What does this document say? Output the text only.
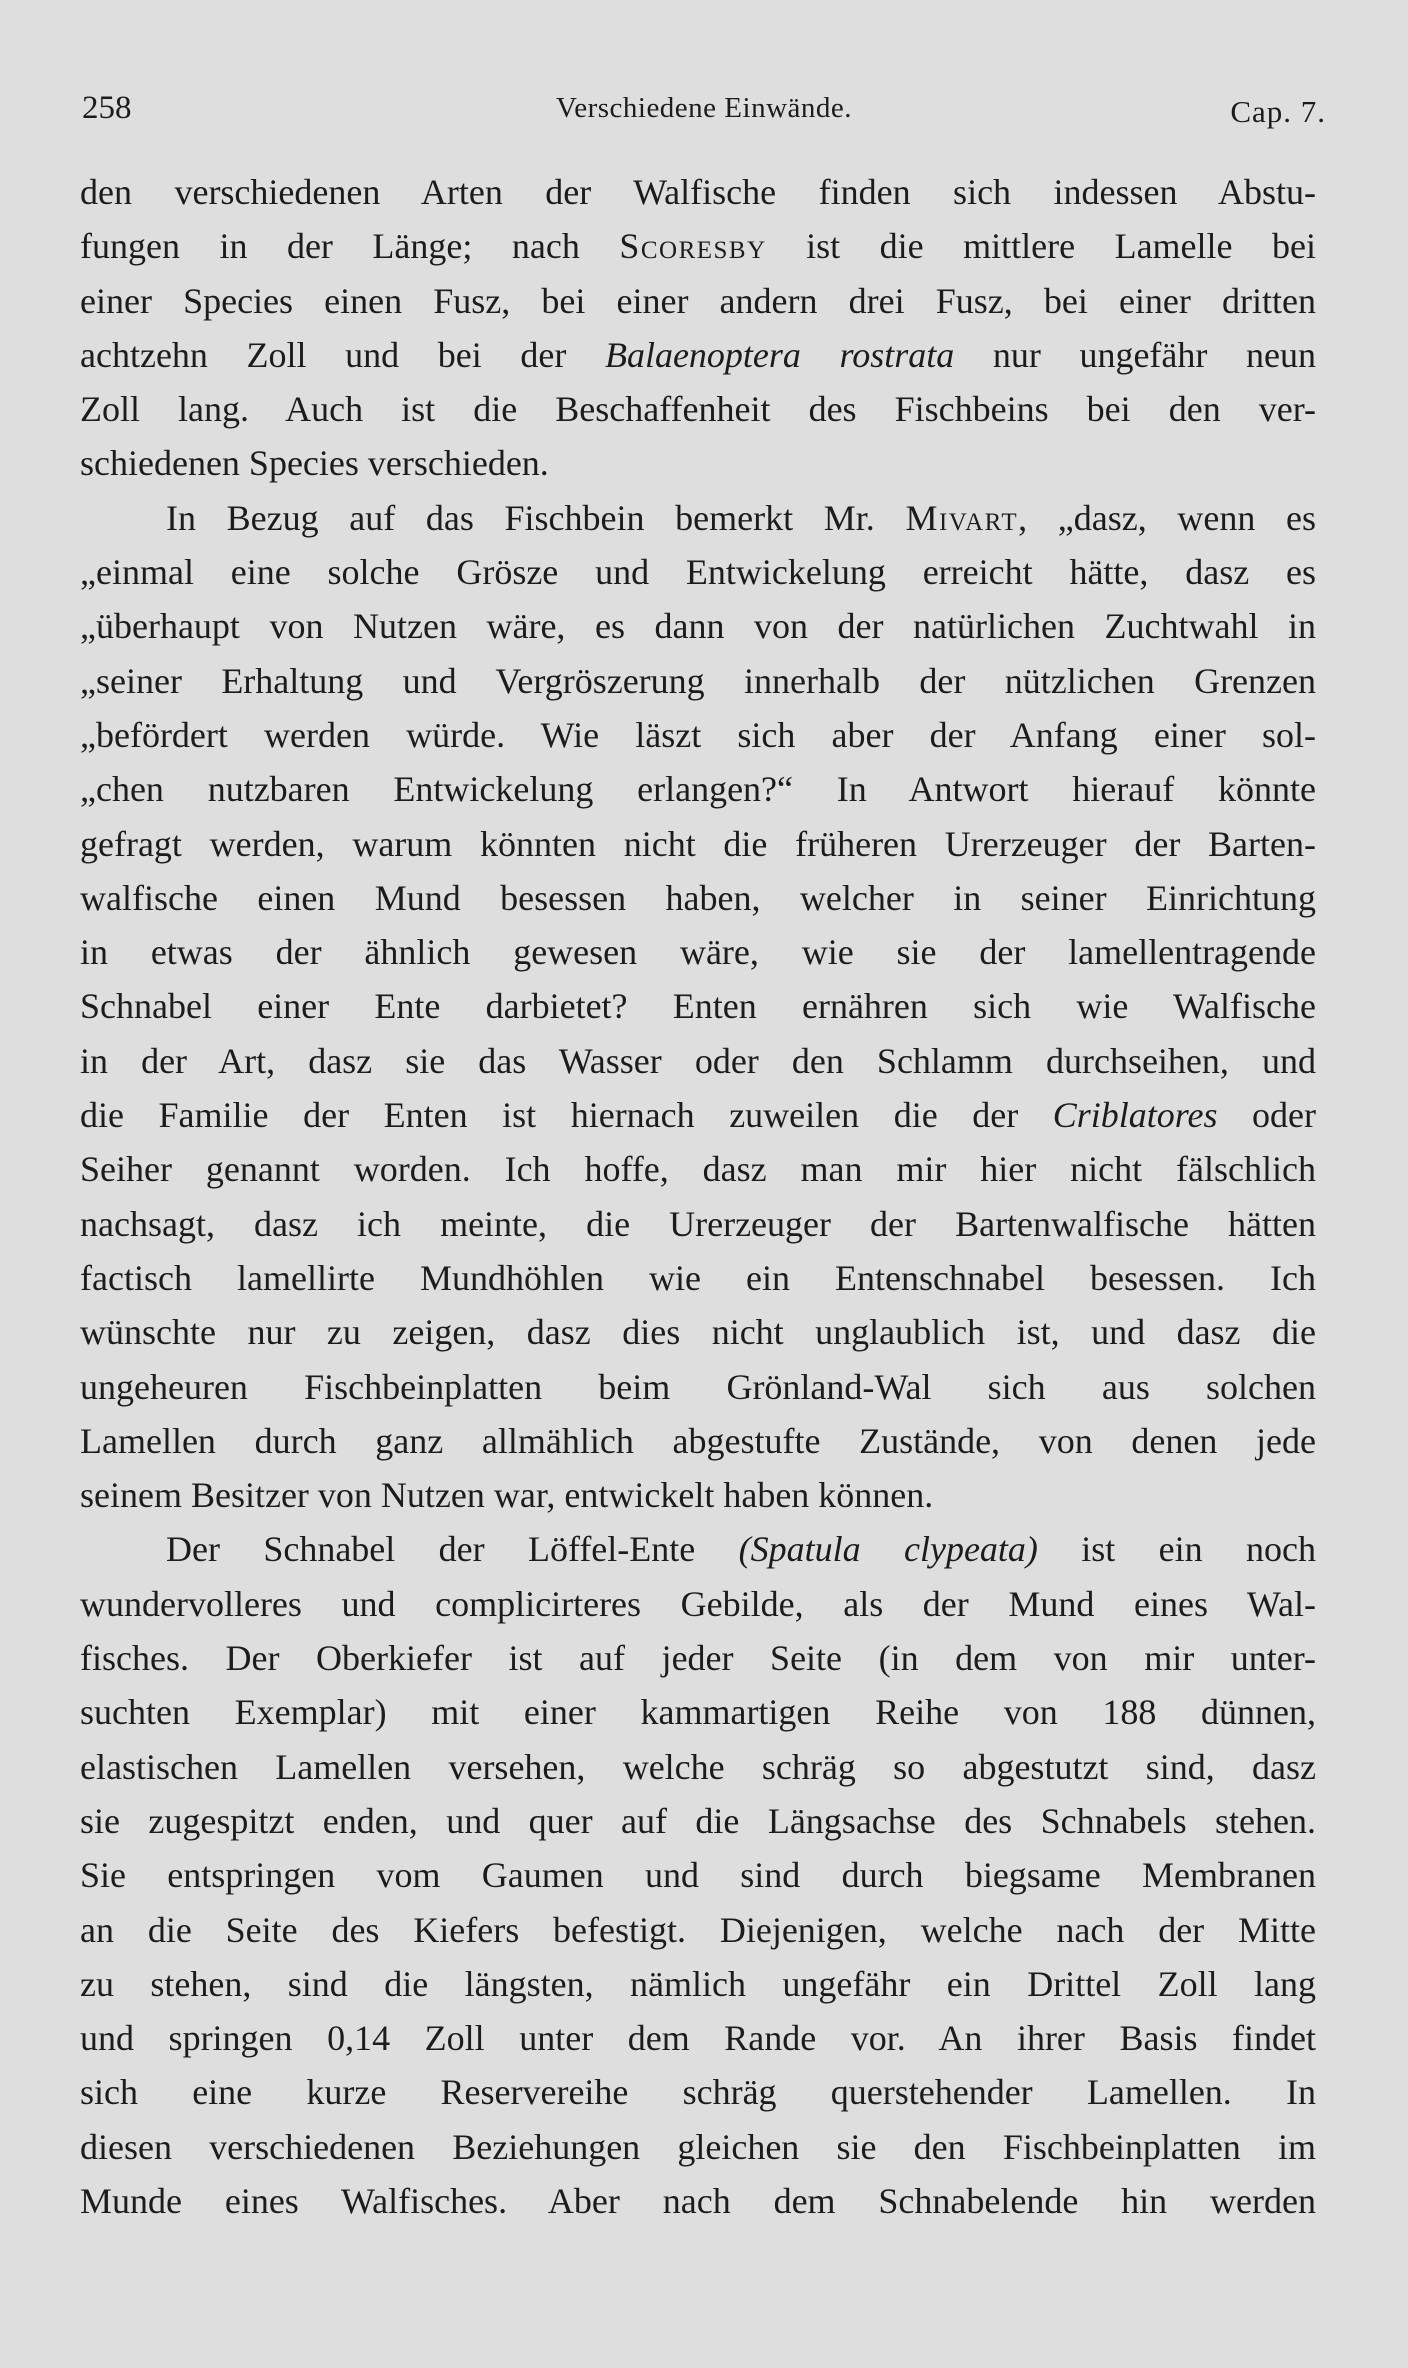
258	Verschiedene Einwände.	Cap. 7.
den verschiedenen Arten der Walfische finden sich indessen Abstu-
fungen in der Länge; nach Scoresby ist die mittlere Lamelle bei
einer Species einen Fusz, bei einer andern drei Fusz, bei einer dritten
achtzehn Zoll und bei der Balaenoptera rostrata nur ungefähr neun
Zoll lang. Auch ist die Beschaffenheit des Fischbeins bei den ver-
schiedenen Species verschieden.
In Bezug auf das Fischbein bemerkt Mr. Mivart, „dasz, wenn es
„einmal eine solche Grösze und Entwickelung erreicht hätte, dasz es
„überhaupt von Nutzen wäre, es dann von der natürlichen Zuchtwahl in
„seiner Erhaltung und Vergröszerung innerhalb der nützlichen Grenzen
„befördert werden würde. Wie läszt sich aber der Anfang einer sol-
„chen nutzbaren Entwickelung erlangen?“ In Antwort hierauf könnte
gefragt werden, warum könnten nicht die früheren Urerzeuger der Barten-
walfische einen Mund besessen haben, welcher in seiner Einrichtung
in etwas der ähnlich gewesen wäre, wie sie der lamellentragende
Schnabel einer Ente darbietet? Enten ernähren sich wie Walfische
in der Art, dasz sie das Wasser oder den Schlamm durchseihen, und
die Familie der Enten ist hiernach zuweilen die der Criblatores oder
Seiher genannt worden. Ich hoffe, dasz man mir hier nicht fälschlich
nachsagt, dasz ich meinte, die Urerzeuger der Bartenwalfische hätten
factisch lamellirte Mundhöhlen wie ein Entenschnabel besessen. Ich
wünschte nur zu zeigen, dasz dies nicht unglaublich ist, und dasz die
ungeheuren Fischbeinplatten beim Grönland-Wal sich aus solchen
Lamellen durch ganz allmählich abgestufte Zustände, von denen jede
seinem Besitzer von Nutzen war, entwickelt haben können.
Der Schnabel der Löffel-Ente (Spatula clypeata) ist ein noch
wundervolleres und complicirteres Gebilde, als der Mund eines Wal-
fisches. Der Oberkiefer ist auf jeder Seite (in dem von mir unter-
suchten Exemplar) mit einer kammartigen Reihe von 188 dünnen,
elastischen Lamellen versehen, welche schräg so abgestutzt sind, dasz
sie zugespitzt enden, und quer auf die Längsachse des Schnabels stehen.
Sie entspringen vom Gaumen und sind durch biegsame Membranen
an die Seite des Kiefers befestigt. Diejenigen, welche nach der Mitte
zu stehen, sind die längsten, nämlich ungefähr ein Drittel Zoll lang
und springen 0,14 Zoll unter dem Rande vor. An ihrer Basis findet
sich eine kurze Reservereihe schräg querstehender Lamellen. In
diesen verschiedenen Beziehungen gleichen sie den Fischbeinplatten im
Munde eines Walfisches. Aber nach dem Schnabelende hin werden
